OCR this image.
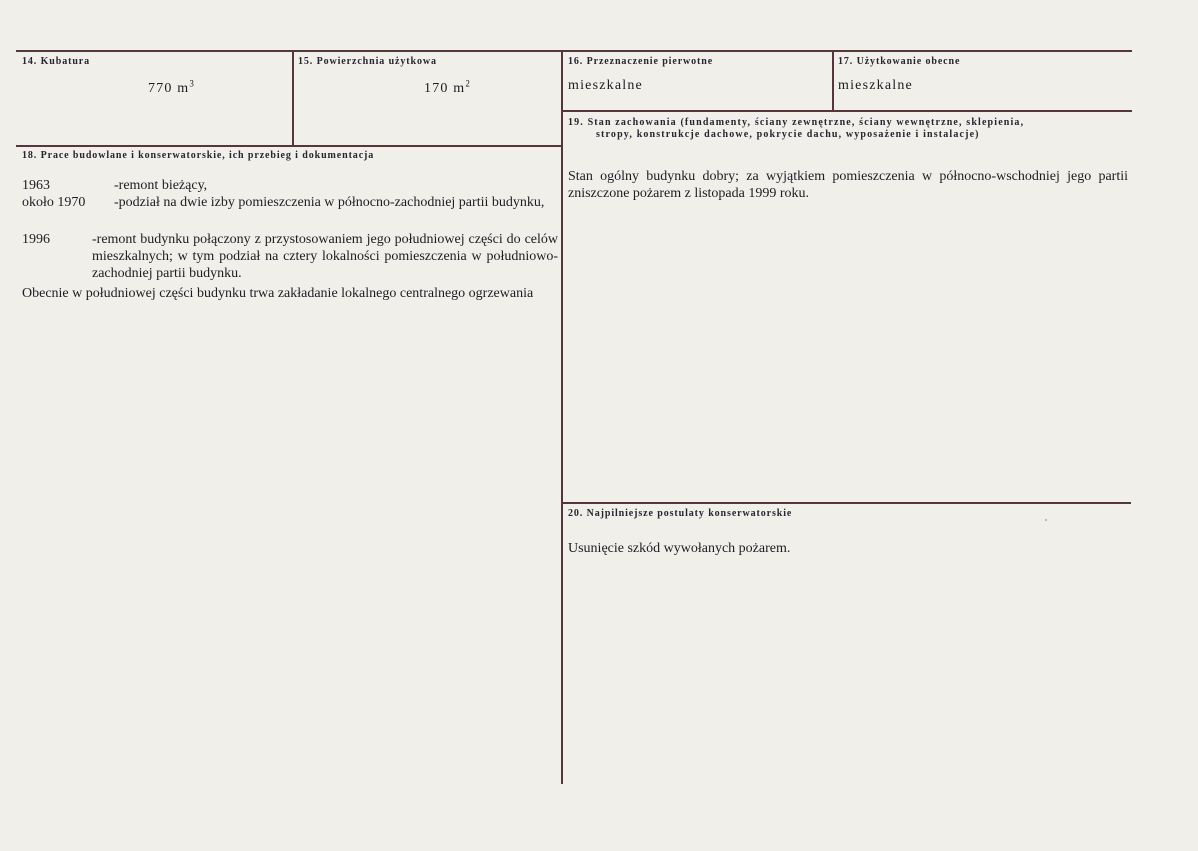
14. Kubatura
770 $m^3$
15. Powierzchnia użytkowa
170 $m^2$
16. Przeznaczenie pierwotne
mieszkalne
17. Użytkowanie obecne
mieszkalne
18. Prace budowlane i konserwatorskie, ich przebieg i dokumentacja
1963	-remont bieżący,
około 1970 -podział na dwie izby pomieszczenia w północno-zachodniej partii budynku,
1996	-remont budynku połączony z przystosowaniem jego południowej części do celów mieszkalnych; w tym podział na cztery lokalności pomieszczenia w południowo-zachodniej partii budynku.
Obecnie w południowej części budynku trwa zakładanie lokalnego centralnego ogrzewania
19. Stan zachowania (fundamenty, ściany zewnętrzne, ściany wewnętrzne, sklepienia,
stropy, konstrukcje dachowe, pokrycie dachu, wyposażenie i instalacje)
Stan ogólny budynku dobry; za wyjątkiem pomieszczenia w północno-wschodniej jego partii zniszczone pożarem z listopada 1999 roku.
20. Najpilniejsze postulaty konserwatorskie
Usunięcie szkód wywołanych pożarem.
